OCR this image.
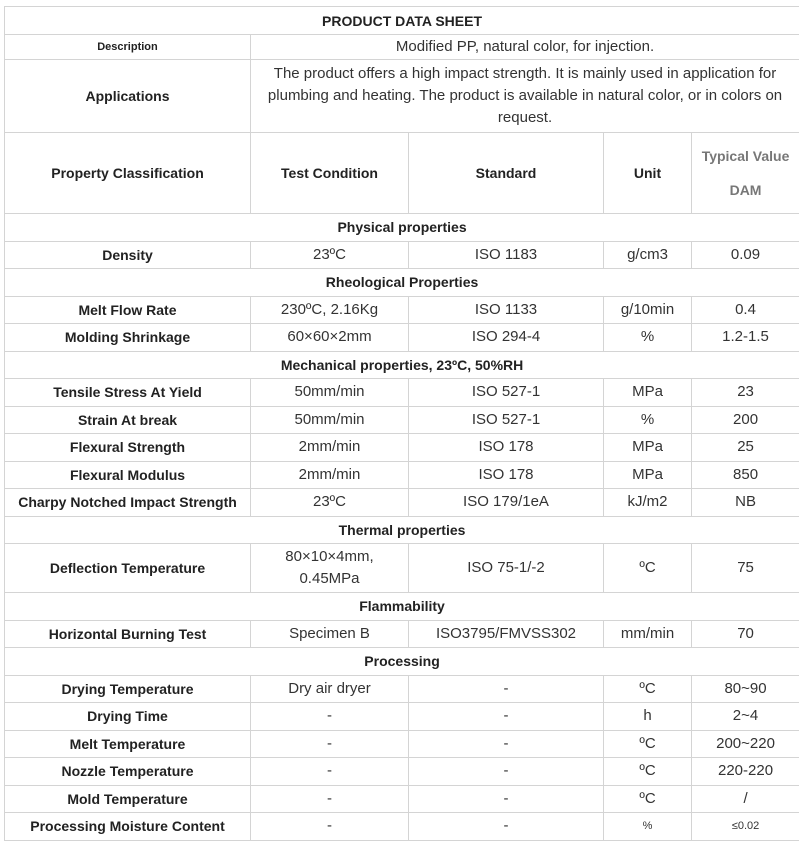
PRODUCT DATA SHEET				
Description	Modified PP, natural color, for injection.			
Applications	The product offers a high impact strength. It is mainly used in application for plumbing and heating. The product is available in natural color, or in colors on request.			
Property Classification	Test Condition	Standard	Unit	Typical Value
DAM

Physical properties				
Density	23ºC	ISO 1183	g/cm3	0.09
Rheological Properties				
Melt Flow Rate	230ºC, 2.16Kg	ISO 1133	g/10min	0.4
Molding Shrinkage	60×60×2mm	ISO 294-4	%	1.2-1.5
Mechanical properties, 23ºC, 50%RH				
Tensile Stress At Yield	50mm/min	ISO 527-1	MPa	23
Strain At break	50mm/min	ISO 527-1	%	200
Flexural Strength	2mm/min	ISO 178	MPa	25
Flexural Modulus	2mm/min	ISO 178	MPa	850
Charpy Notched Impact Strength	23ºC	ISO 179/1eA	kJ/m2	NB
Thermal properties				
Deflection Temperature	80×10×4mm, 0.45MPa	ISO 75-1/-2	ºC	75
Flammability				
Horizontal Burning Test	Specimen B	ISO3795/FMVSS302	mm/min	70
Processing				
Drying Temperature	Dry air dryer	-	ºC	80~90
Drying Time	-	-	h	2~4
Melt Temperature	-	-	ºC	200~220
Nozzle Temperature	-	-	ºC	220-220
Mold Temperature	-	-	ºC	/
Processing Moisture Content	-	-	%	≤0.02
